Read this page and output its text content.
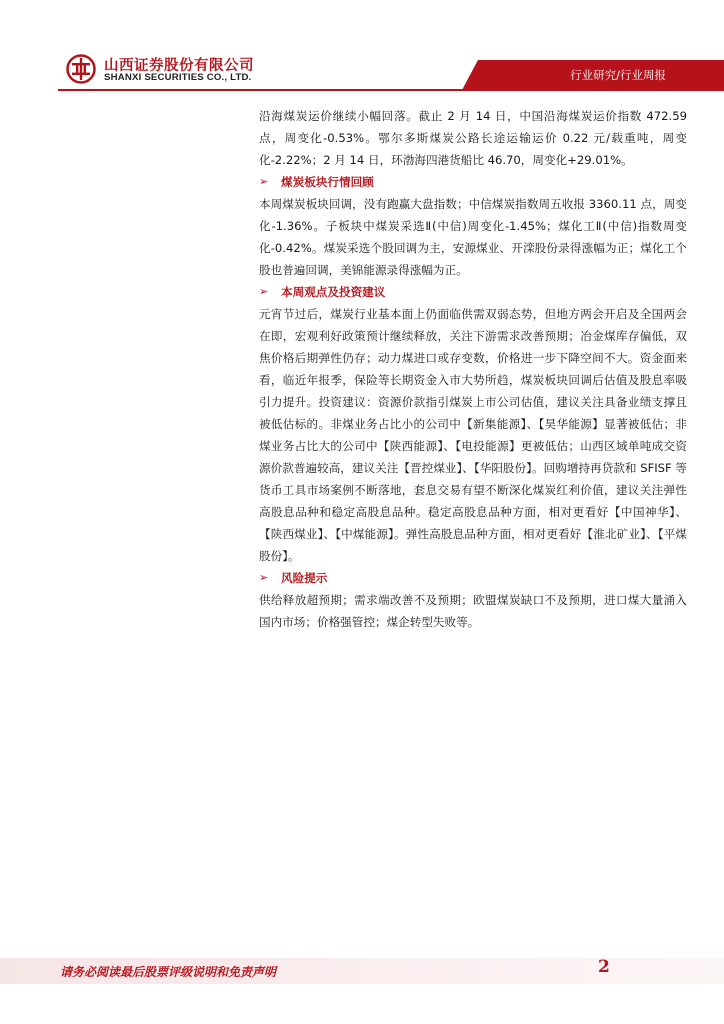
山西证券股份有限公司
SHANXI SECURITIES CO., LTD.	行业研究/行业周报

沿海煤炭运价继续小幅回落。截止 2 月 14 日，中国沿海煤炭运价指数 472.59 点，周变化-0.53%。鄂尔多斯煤炭公路长途运输运价 0.22 元/载重吨，周变化-2.22%；2 月 14 日，环渤海四港货船比 46.70，周变化+29.01%。

➢	煤炭板块行情回顾

本周煤炭板块回调，没有跑赢大盘指数；中信煤炭指数周五收报 3360.11 点，周变化-1.36%。子板块中煤炭采选Ⅱ(中信)周变化-1.45%；煤化工Ⅱ(中信)指数周变化-0.42%。煤炭采选个股回调为主，安源煤业、开滦股份录得涨幅为正；煤化工个股也普遍回调，美锦能源录得涨幅为正。

➢	本周观点及投资建议

元宵节过后，煤炭行业基本面上仍面临供需双弱态势，但地方两会开启及全国两会在即，宏观利好政策预计继续释放，关注下游需求改善预期；冶金煤库存偏低，双焦价格后期弹性仍存；动力煤进口或存变数，价格进一步下降空间不大。资金面来看，临近年报季，保险等长期资金入市大势所趋，煤炭板块回调后估值及股息率吸引力提升。投资建议：资源价款指引煤炭上市公司估值，建议关注具备业绩支撑且被低估标的。非煤业务占比小的公司中【新集能源】、【昊华能源】显著被低估；非煤业务占比大的公司中【陕西能源】、【电投能源】更被低估；山西区域单吨成交资源价款普遍较高，建议关注【晋控煤业】、【华阳股份】。回购增持再贷款和 SFISF 等货币工具市场案例不断落地，套息交易有望不断深化煤炭红利价值，建议关注弹性高股息品种和稳定高股息品种。稳定高股息品种方面，相对更看好【中国神华】、【陕西煤业】、【中煤能源】。弹性高股息品种方面，相对更看好【淮北矿业】、【平煤股份】。

➢	风险提示

供给释放超预期；需求端改善不及预期；欧盟煤炭缺口不及预期，进口煤大量涌入国内市场；价格强管控；煤企转型失败等。

请务必阅读最后股票评级说明和免责声明	2
